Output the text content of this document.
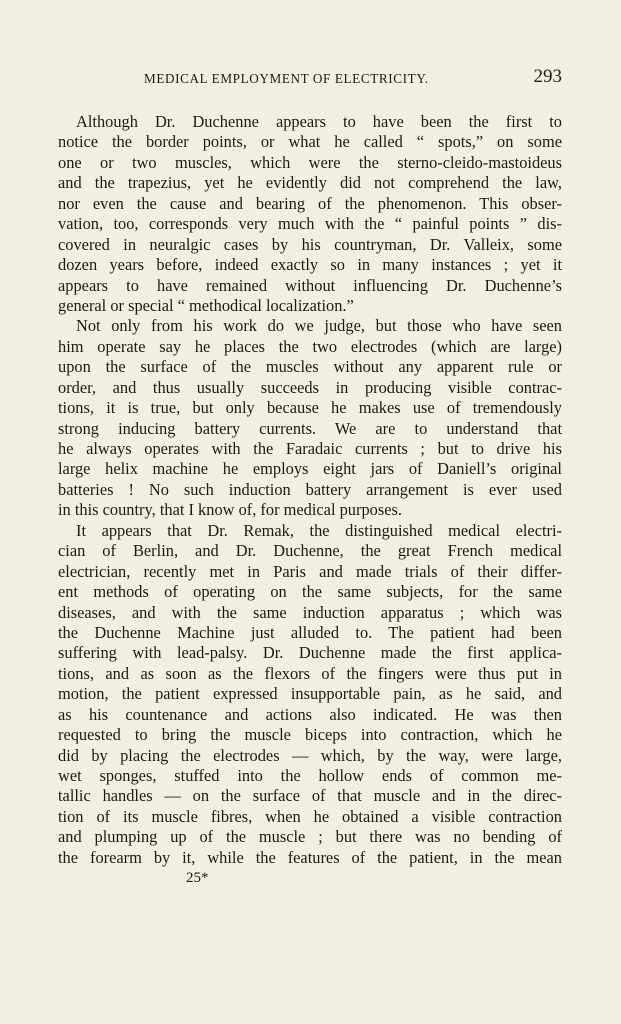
MEDICAL EMPLOYMENT OF ELECTRICITY.	293
Although Dr. Duchenne appears to have been the first to
notice the border points, or what he called “ spots,” on some
one or two muscles, which were the sterno-cleido-mastoideus
and the trapezius, yet he evidently did not comprehend the law,
nor even the cause and bearing of the phenomenon. This obser-
vation, too, corresponds very much with the “ painful points ” dis-
covered in neuralgic cases by his countryman, Dr. Valleix, some
dozen years before, indeed exactly so in many instances ; yet it
appears to have remained without influencing Dr. Duchenne’s
general or special “ methodical localization.”
Not only from his work do we judge, but those who have seen
him operate say he places the two electrodes (which are large)
upon the surface of the muscles without any apparent rule or
order, and thus usually succeeds in producing visible contrac-
tions, it is true, but only because he makes use of tremendously
strong inducing battery currents. We are to understand that
he always operates with the Faradaic currents ; but to drive his
large helix machine he employs eight jars of Daniell’s original
batteries ! No such induction battery arrangement is ever used
in this country, that I know of, for medical purposes.
It appears that Dr. Remak, the distinguished medical electri-
cian of Berlin, and Dr. Duchenne, the great French medical
electrician, recently met in Paris and made trials of their differ-
ent methods of operating on the same subjects, for the same
diseases, and with the same induction apparatus ; which was
the Duchenne Machine just alluded to. The patient had been
suffering with lead-palsy. Dr. Duchenne made the first applica-
tions, and as soon as the flexors of the fingers were thus put in
motion, the patient expressed insupportable pain, as he said, and
as his countenance and actions also indicated. He was then
requested to bring the muscle biceps into contraction, which he
did by placing the electrodes — which, by the way, were large,
wet sponges, stuffed into the hollow ends of common me-
tallic handles — on the surface of that muscle and in the direc-
tion of its muscle fibres, when he obtained a visible contraction
and plumping up of the muscle ; but there was no bending of
the forearm by it, while the features of the patient, in the mean
25*
